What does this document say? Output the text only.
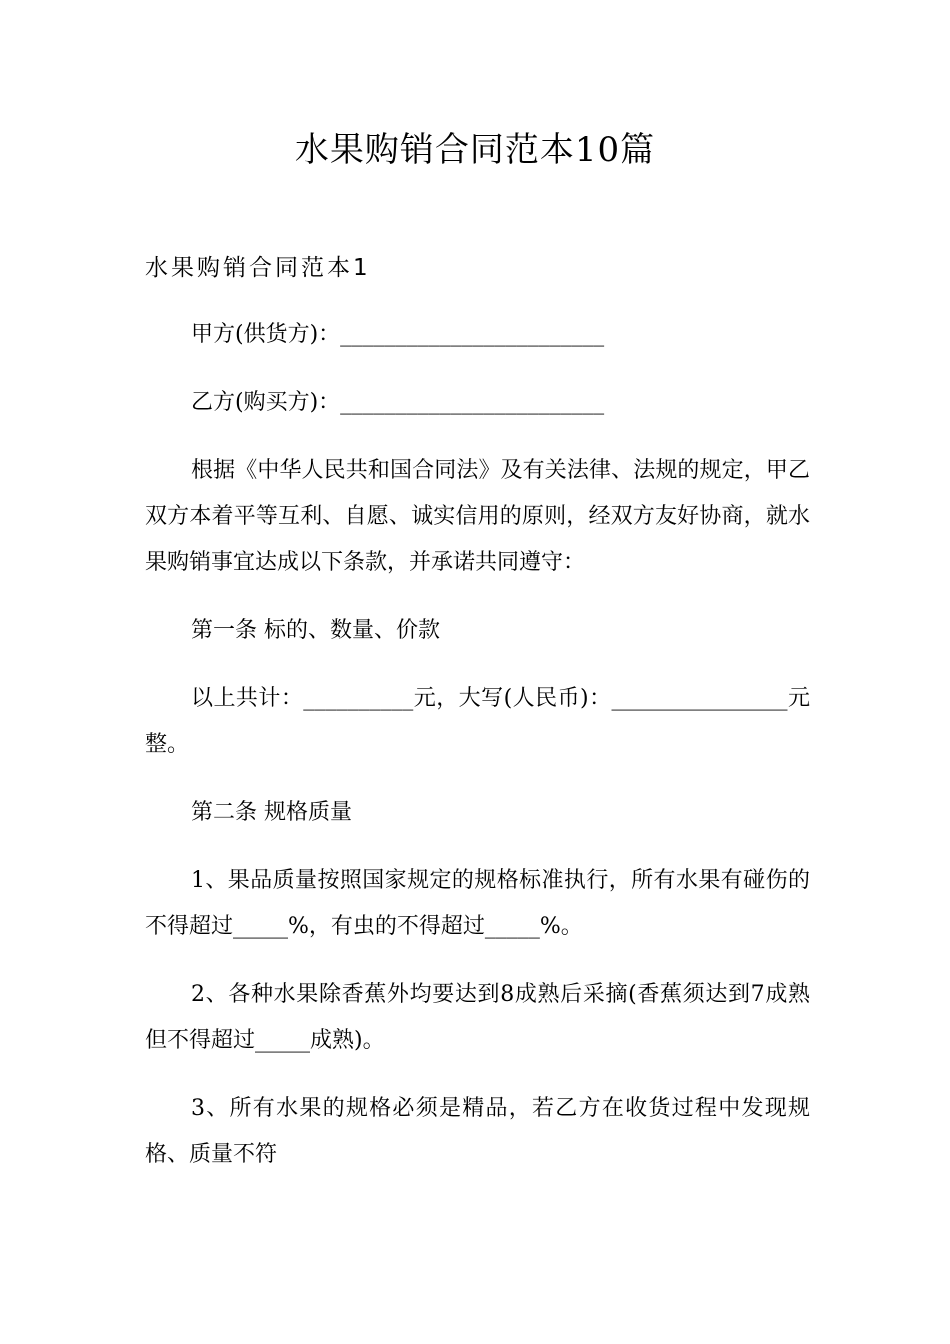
水果购销合同范本10篇
水果购销合同范本1

甲方(供货方)：________________________

乙方(购买方)：________________________

根据《中华人民共和国合同法》及有关法律、法规的规定，甲乙双方本着平等互利、自愿、诚实信用的原则，经双方友好协商，就水果购销事宜达成以下条款，并承诺共同遵守：

第一条 标的、数量、价款

以上共计：__________元，大写(人民币)：________________元整。

第二条 规格质量

1、果品质量按照国家规定的规格标准执行，所有水果有碰伤的不得超过_____%，有虫的不得超过_____%。

2、各种水果除香蕉外均要达到8成熟后采摘(香蕉须达到7成熟但不得超过_____成熟)。

3、所有水果的规格必须是精品，若乙方在收货过程中发现规格、质量不符
